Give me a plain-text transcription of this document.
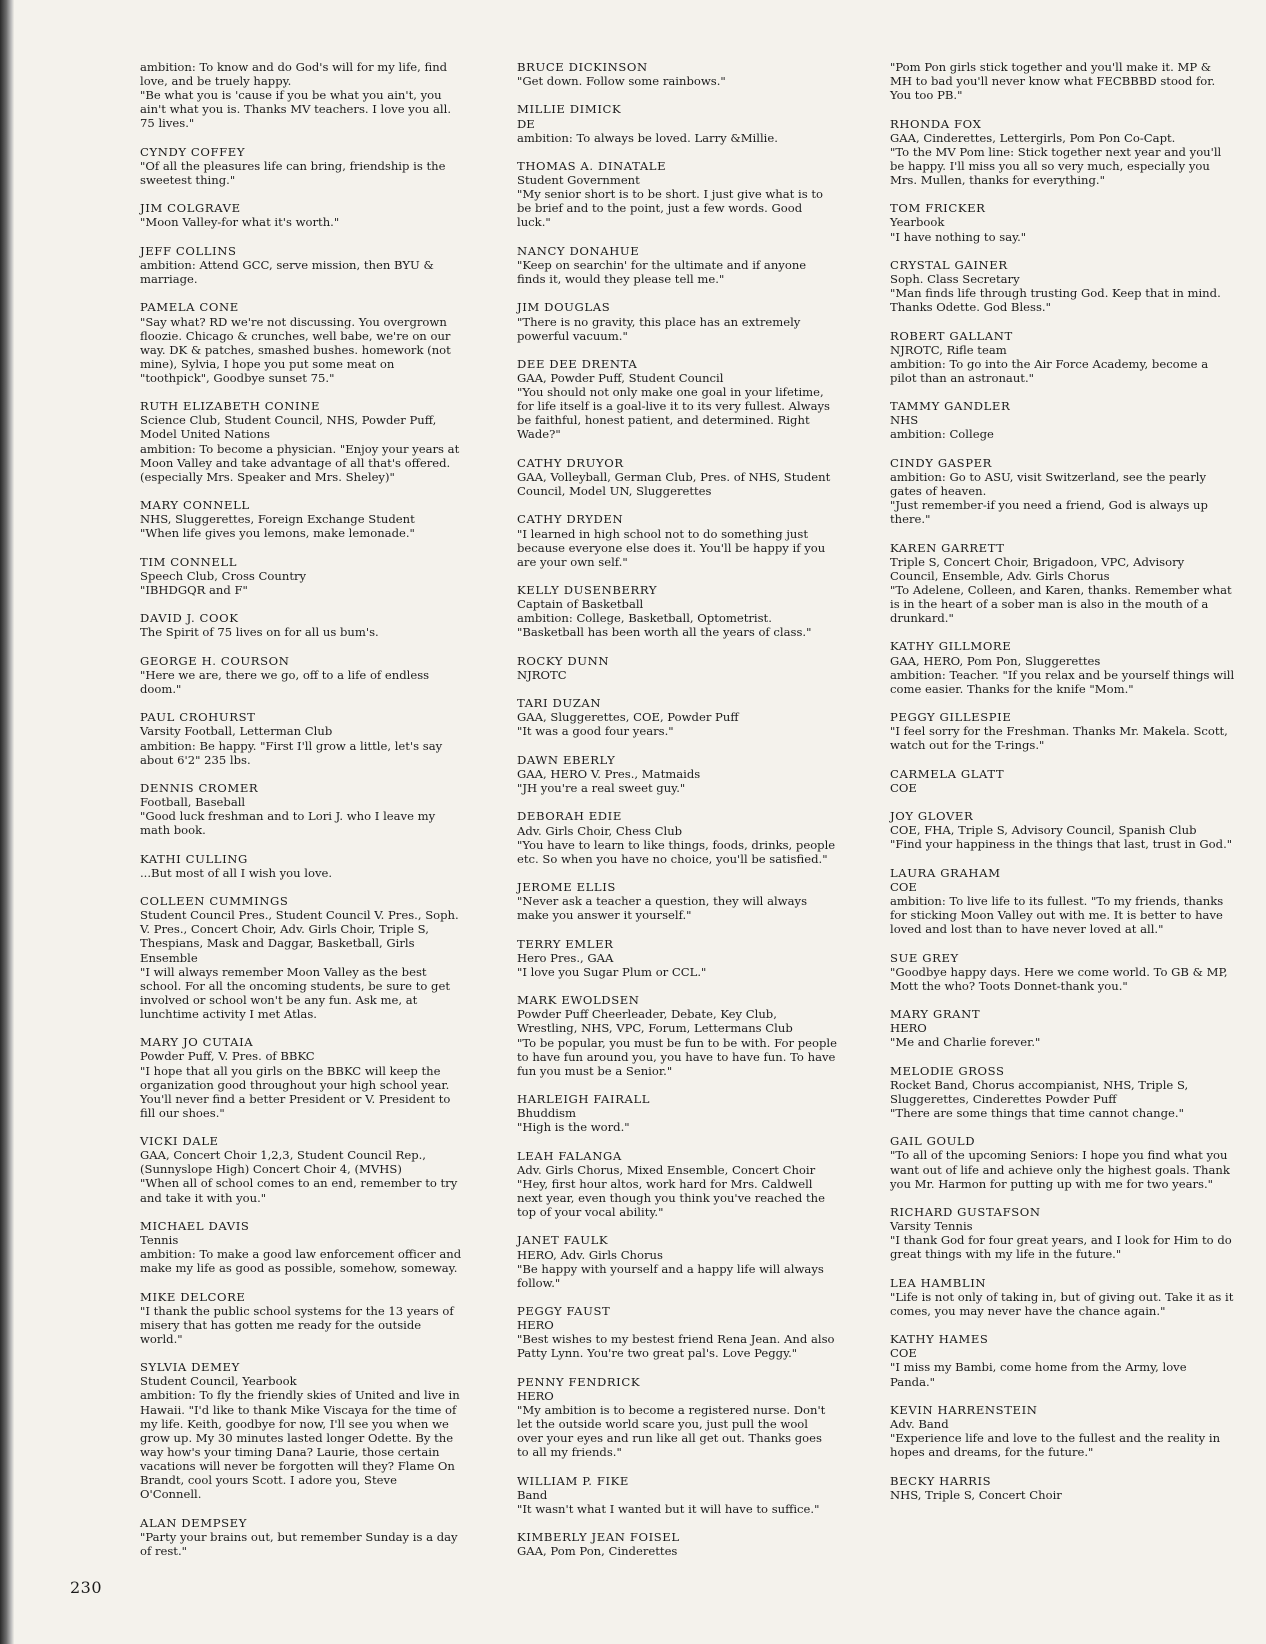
ambition: To know and do God's will for my life, find love, and be truely happy.
"Be what you is 'cause if you be what you ain't, you ain't what you is. Thanks MV teachers. I love you all. 75 lives."
CYNDY COFFEY
"Of all the pleasures life can bring, friendship is the sweetest thing."
JIM COLGRAVE
"Moon Valley-for what it's worth."
JEFF COLLINS
ambition: Attend GCC, serve mission, then BYU & marriage.
PAMELA CONE
"Say what? RD we're not discussing. You overgrown floozie. Chicago & crunches, well babe, we're on our way. DK & patches, smashed bushes. homework (not mine), Sylvia, I hope you put some meat on "toothpick", Goodbye sunset 75."
RUTH ELIZABETH CONINE
Science Club, Student Council, NHS, Powder Puff, Model United Nations
ambition: To become a physician. "Enjoy your years at Moon Valley and take advantage of all that's offered. (especially Mrs. Speaker and Mrs. Sheley)"
MARY CONNELL
NHS, Sluggerettes, Foreign Exchange Student
"When life gives you lemons, make lemonade."
TIM CONNELL
Speech Club, Cross Country
"IBHDGQR and F"
DAVID J. COOK
The Spirit of 75 lives on for all us bum's.
GEORGE H. COURSON
"Here we are, there we go, off to a life of endless doom."
PAUL CROHURST
Varsity Football, Letterman Club
ambition: Be happy. "First I'll grow a little, let's say about 6'2" 235 lbs.
DENNIS CROMER
Football, Baseball
"Good luck freshman and to Lori J. who I leave my math book.
KATHI CULLING
...But most of all I wish you love.
COLLEEN CUMMINGS
Student Council Pres., Student Council V. Pres., Soph. V. Pres., Concert Choir, Adv. Girls Choir, Triple S, Thespians, Mask and Daggar, Basketball, Girls Ensemble
"I will always remember Moon Valley as the best school. For all the oncoming students, be sure to get involved or school won't be any fun. Ask me, at lunchtime activity I met Atlas.
MARY JO CUTAIA
Powder Puff, V. Pres. of BBKC
"I hope that all you girls on the BBKC will keep the organization good throughout your high school year. You'll never find a better President or V. President to fill our shoes."
VICKI DALE
GAA, Concert Choir 1,2,3, Student Council Rep., (Sunnyslope High) Concert Choir 4, (MVHS)
"When all of school comes to an end, remember to try and take it with you."
MICHAEL DAVIS
Tennis
ambition: To make a good law enforcement officer and make my life as good as possible, somehow, someway.
MIKE DELCORE
"I thank the public school systems for the 13 years of misery that has gotten me ready for the outside world."
SYLVIA DEMEY
Student Council, Yearbook
ambition: To fly the friendly skies of United and live in Hawaii. "I'd like to thank Mike Viscaya for the time of my life. Keith, goodbye for now, I'll see you when we grow up. My 30 minutes lasted longer Odette. By the way how's your timing Dana? Laurie, those certain vacations will never be forgotten will they? Flame On Brandt, cool yours Scott. I adore you, Steve O'Connell.
ALAN DEMPSEY
"Party your brains out, but remember Sunday is a day of rest."
BRUCE DICKINSON
"Get down. Follow some rainbows."
MILLIE DIMICK
DE
ambition: To always be loved. Larry &Millie.
THOMAS A. DINATALE
Student Government
"My senior short is to be short. I just give what is to be brief and to the point, just a few words. Good luck."
NANCY DONAHUE
"Keep on searchin' for the ultimate and if anyone finds it, would they please tell me."
JIM DOUGLAS
"There is no gravity, this place has an extremely powerful vacuum."
DEE DEE DRENTA
GAA, Powder Puff, Student Council
"You should not only make one goal in your lifetime, for life itself is a goal-live it to its very fullest. Always be faithful, honest patient, and determined. Right Wade?"
CATHY DRUYOR
GAA, Volleyball, German Club, Pres. of NHS, Student Council, Model UN, Sluggerettes
CATHY DRYDEN
"I learned in high school not to do something just because everyone else does it. You'll be happy if you are your own self."
KELLY DUSENBERRY
Captain of Basketball
ambition: College, Basketball, Optometrist. "Basketball has been worth all the years of class."
ROCKY DUNN
NJROTC
TARI DUZAN
GAA, Sluggerettes, COE, Powder Puff
"It was a good four years."
DAWN EBERLY
GAA, HERO V. Pres., Matmaids
"JH you're a real sweet guy."
DEBORAH EDIE
Adv. Girls Choir, Chess Club
"You have to learn to like things, foods, drinks, people etc. So when you have no choice, you'll be satisfied."
JEROME ELLIS
"Never ask a teacher a question, they will always make you answer it yourself."
TERRY EMLER
Hero Pres., GAA
"I love you Sugar Plum or CCL."
MARK EWOLDSEN
Powder Puff Cheerleader, Debate, Key Club, Wrestling, NHS, VPC, Forum, Lettermans Club
"To be popular, you must be fun to be with. For people to have fun around you, you have to have fun. To have fun you must be a Senior."
HARLEIGH FAIRALL
Bhuddism
"High is the word."
LEAH FALANGA
Adv. Girls Chorus, Mixed Ensemble, Concert Choir
"Hey, first hour altos, work hard for Mrs. Caldwell next year, even though you think you've reached the top of your vocal ability."
JANET FAULK
HERO, Adv. Girls Chorus
"Be happy with yourself and a happy life will always follow."
PEGGY FAUST
HERO
"Best wishes to my bestest friend Rena Jean. And also Patty Lynn. You're two great pal's. Love Peggy."
PENNY FENDRICK
HERO
"My ambition is to become a registered nurse. Don't let the outside world scare you, just pull the wool over your eyes and run like all get out. Thanks goes to all my friends."
WILLIAM P. FIKE
Band
"It wasn't what I wanted but it will have to suffice."
KIMBERLY JEAN FOISEL
GAA, Pom Pon, Cinderettes
"Pom Pon girls stick together and you'll make it. MP & MH to bad you'll never know what FECBBBD stood for. You too PB."
RHONDA FOX
GAA, Cinderettes, Lettergirls, Pom Pon Co-Capt.
"To the MV Pom line: Stick together next year and you'll be happy. I'll miss you all so very much, especially you Mrs. Mullen, thanks for everything."
TOM FRICKER
Yearbook
"I have nothing to say."
CRYSTAL GAINER
Soph. Class Secretary
"Man finds life through trusting God. Keep that in mind. Thanks Odette. God Bless."
ROBERT GALLANT
NJROTC, Rifle team
ambition: To go into the Air Force Academy, become a pilot than an astronaut."
TAMMY GANDLER
NHS
ambition: College
CINDY GASPER
ambition: Go to ASU, visit Switzerland, see the pearly gates of heaven.
"Just remember-if you need a friend, God is always up there."
KAREN GARRETT
Triple S, Concert Choir, Brigadoon, VPC, Advisory Council, Ensemble, Adv. Girls Chorus
"To Adelene, Colleen, and Karen, thanks. Remember what is in the heart of a sober man is also in the mouth of a drunkard."
KATHY GILLMORE
GAA, HERO, Pom Pon, Sluggerettes
ambition: Teacher. "If you relax and be yourself things will come easier. Thanks for the knife "Mom."
PEGGY GILLESPIE
"I feel sorry for the Freshman. Thanks Mr. Makela. Scott, watch out for the T-rings."
CARMELA GLATT
COE
JOY GLOVER
COE, FHA, Triple S, Advisory Council, Spanish Club
"Find your happiness in the things that last, trust in God."
LAURA GRAHAM
COE
ambition: To live life to its fullest. "To my friends, thanks for sticking Moon Valley out with me. It is better to have loved and lost than to have never loved at all."
SUE GREY
"Goodbye happy days. Here we come world. To GB & MP, Mott the who? Toots Donnet-thank you."
MARY GRANT
HERO
"Me and Charlie forever."
MELODIE GROSS
Rocket Band, Chorus accompianist, NHS, Triple S, Sluggerettes, Cinderettes Powder Puff
"There are some things that time cannot change."
GAIL GOULD
"To all of the upcoming Seniors: I hope you find what you want out of life and achieve only the highest goals. Thank you Mr. Harmon for putting up with me for two years."
RICHARD GUSTAFSON
Varsity Tennis
"I thank God for four great years, and I look for Him to do great things with my life in the future."
LEA HAMBLIN
"Life is not only of taking in, but of giving out. Take it as it comes, you may never have the chance again."
KATHY HAMES
COE
"I miss my Bambi, come home from the Army, love Panda."
KEVIN HARRENSTEIN
Adv. Band
"Experience life and love to the fullest and the reality in hopes and dreams, for the future."
BECKY HARRIS
NHS, Triple S, Concert Choir
230
